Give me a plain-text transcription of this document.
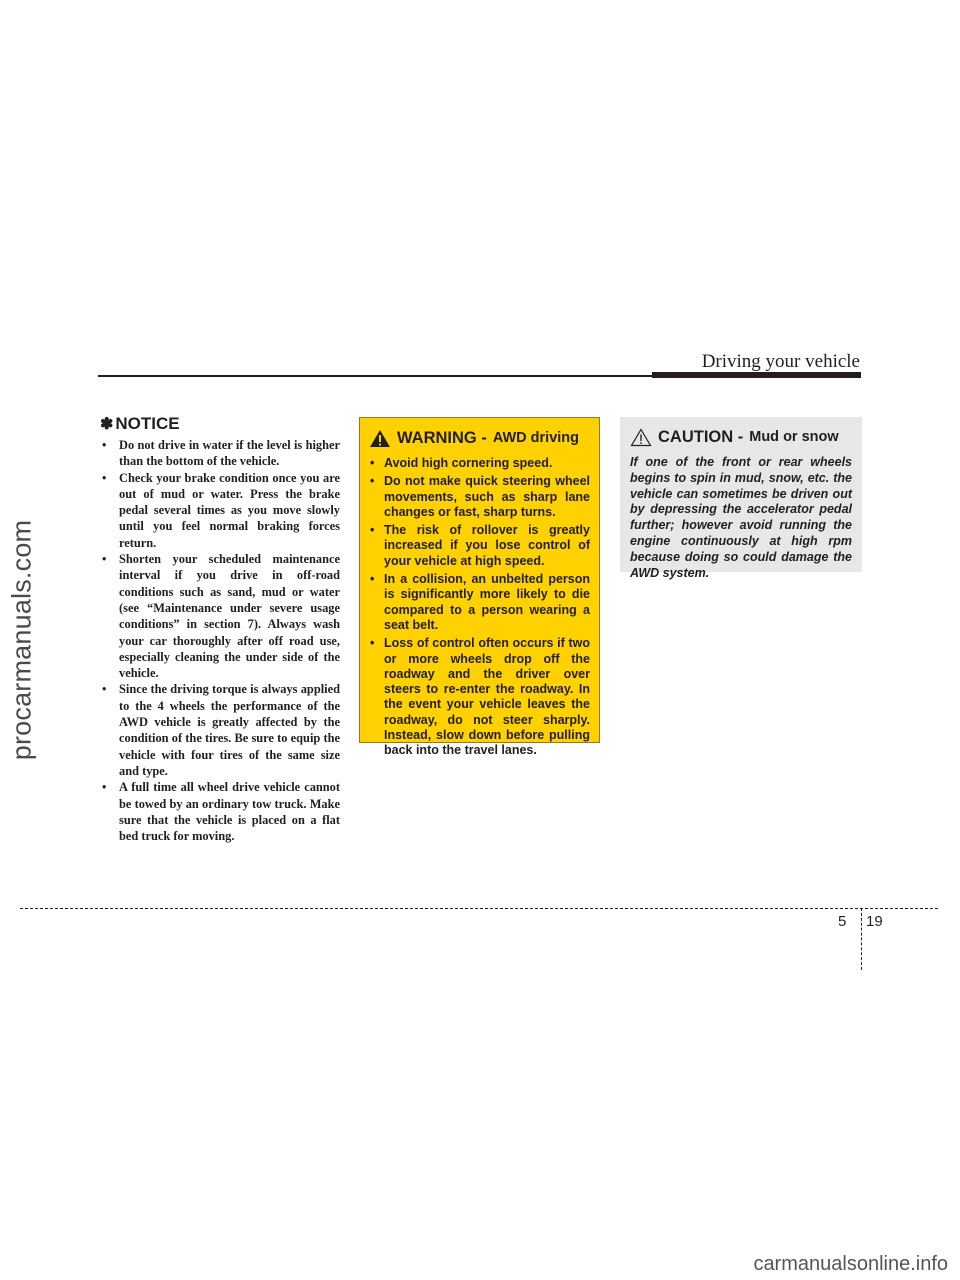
procarmanuals.com
Driving your vehicle
✽ NOTICE
• Do not drive in water if the level is higher than the bottom of the vehicle.
• Check your brake condition once you are out of mud or water. Press the brake pedal several times as you move slowly until you feel normal braking forces return.
• Shorten your scheduled maintenance interval if you drive in off-road conditions such as sand, mud or water (see “Maintenance under severe usage conditions” in section 7). Always wash your car thoroughly after off road use, especially cleaning the under side of the vehicle.
• Since the driving torque is always applied to the 4 wheels the performance of the AWD vehicle is greatly affected by the condition of the tires. Be sure to equip the vehicle with four tires of the same size and type.
• A full time all wheel drive vehicle cannot be towed by an ordinary tow truck. Make sure that the vehicle is placed on a flat bed truck for moving.
WARNING - AWD driving
• Avoid high cornering speed.
• Do not make quick steering wheel movements, such as sharp lane changes or fast, sharp turns.
• The risk of rollover is greatly increased if you lose control of your vehicle at high speed.
• In a collision, an unbelted person is significantly more likely to die compared to a person wearing a seat belt.
• Loss of control often occurs if two or more wheels drop off the roadway and the driver over steers to re-enter the roadway. In the event your vehicle leaves the roadway, do not steer sharply. Instead, slow down before pulling back into the travel lanes.
CAUTION - Mud or snow

If one of the front or rear wheels begins to spin in mud, snow, etc. the vehicle can sometimes be driven out by depressing the accelerator pedal further; however avoid running the engine continuously at high rpm because doing so could damage the AWD system.

5 19
carmanualsonline.info
